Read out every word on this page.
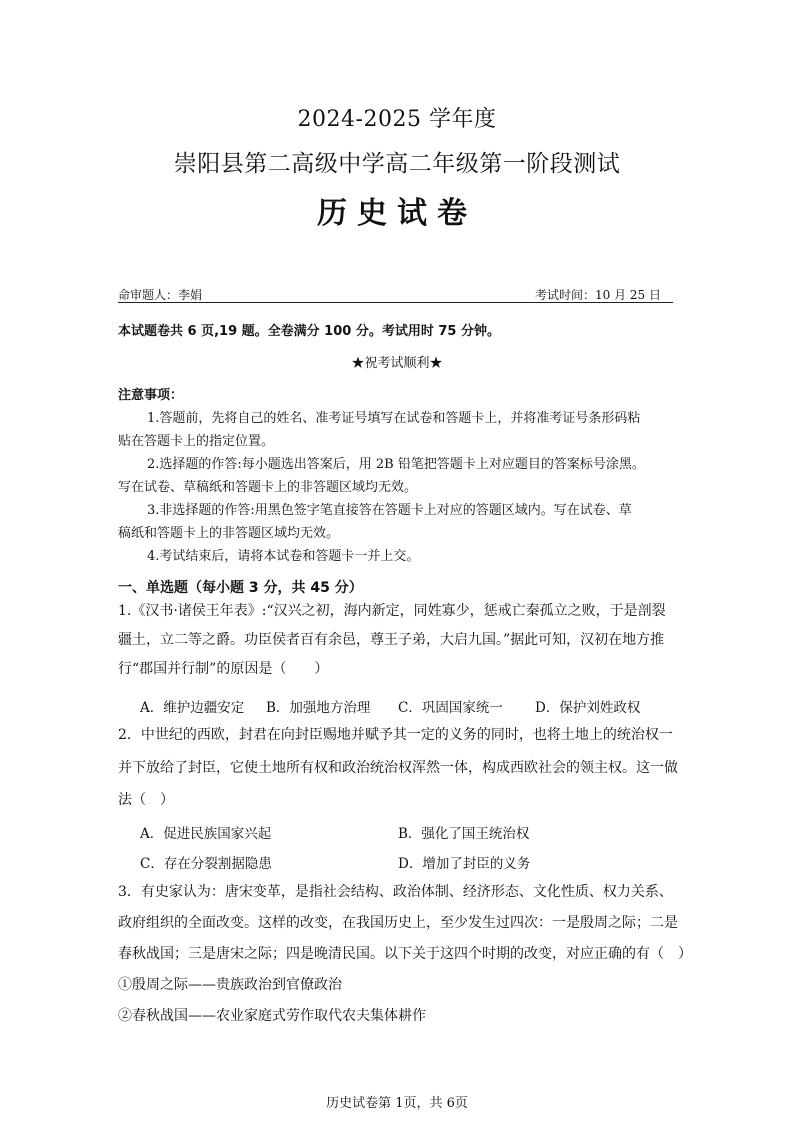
2024-2025 学年度
崇阳县第二高级中学高二年级第一阶段测试
历史试卷
命审题人：李娟	考试时间：10 月 25 日
本试题卷共 6 页,19 题。全卷满分 100 分。考试用时 75 分钟。
★祝考试顺利★
注意事项：
1.答题前，先将自己的姓名、准考证号填写在试卷和答题卡上，并将准考证号条形码粘
贴在答题卡上的指定位置。
2.选择题的作答:每小题选出答案后，用 2B 铅笔把答题卡上对应题目的答案标号涂黑。
写在试卷、草稿纸和答题卡上的非答题区域均无效。
3.非选择题的作答:用黑色签字笔直接答在答题卡上对应的答题区域内。写在试卷、草
稿纸和答题卡上的非答题区域均无效。
4.考试结束后，请将本试卷和答题卡一并上交。
一、单选题（每小题 3 分，共 45 分）
1.《汉书·诸侯王年表》:“汉兴之初，海内新定，同姓寡少，惩戒亡秦孤立之败，于是剖裂
疆土，立二等之爵。功臣侯者百有余邑，尊王子弟，大启九国。”据此可知，汉初在地方推
行“郡国并行制”的原因是（　　）
A．维护边疆安定 B．加强地方治理 C．巩固国家统一 D．保护刘姓政权
2．中世纪的西欧，封君在向封臣赐地并赋予其一定的义务的同时，也将土地上的统治权一
并下放给了封臣，它使土地所有权和政治统治权浑然一体，构成西欧社会的领主权。这一做
法（　）
A．促进民族国家兴起	B．强化了国王统治权
C．存在分裂割据隐患	D．增加了封臣的义务
3．有史家认为：唐宋变革，是指社会结构、政治体制、经济形态、文化性质、权力关系、
政府组织的全面改变。这样的改变，在我国历史上，至少发生过四次：一是殷周之际；二是
春秋战国；三是唐宋之际；四是晚清民国。以下关于这四个时期的改变，对应正确的有（　）
①殷周之际——贵族政治到官僚政治
②春秋战国——农业家庭式劳作取代农夫集体耕作
历史试卷第 1页，共 6页
